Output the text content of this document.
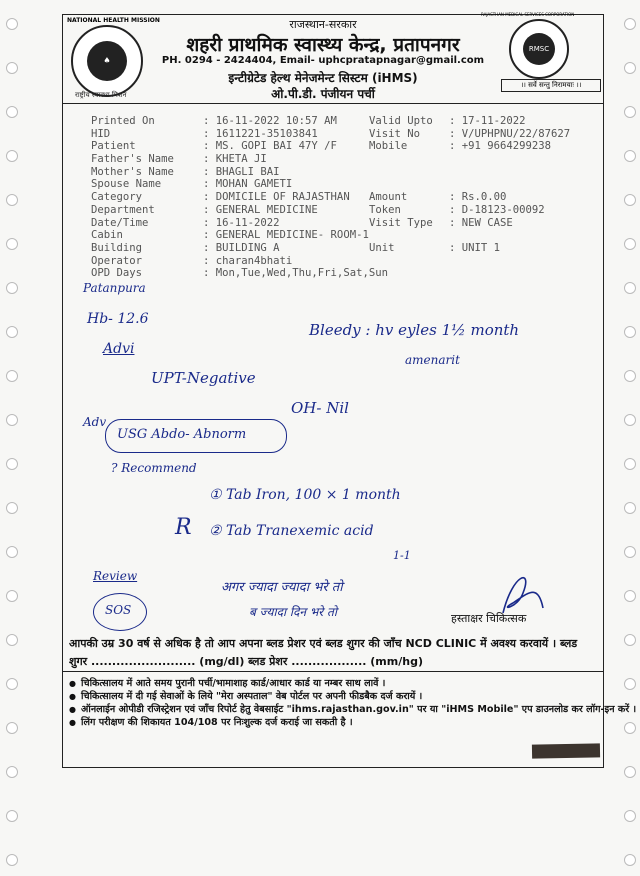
♠
NATIONAL HEALTH MISSION
राष्ट्रीय स्वास्थ्य मिशन
राजस्थान-सरकार
शहरी प्राथमिक स्वास्थ्य केन्द्र, प्रतापनगर
PH. 0294 - 2424404, Email- uphcpratapnagar@gmail.com
इन्टीग्रेटेड हेल्थ मेनेजमेन्ट सिस्टम (iHMS)
ओ.पी.डी. पंजीयन पर्ची
RMSC
RAJASTHAN MEDICAL SERVICES CORPORATION
।। सर्वे सन्तु निरामयाः ।।
Printed On	: 16-11-2022 10:57 AM	Valid Upto : 17-11-2022
HID	: 1611221-35103841	Visit No	: V/UPHPNU/22/87627
Patient	: MS. GOPI BAI 47Y /F	Mobile	: +91 9664299238
Father's Name	: KHETA JI
Mother's Name	: BHAGLI BAI
Spouse Name	: MOHAN GAMETI
Category	: DOMICILE OF RAJASTHAN Amount	: Rs.0.00
Department	: GENERAL MEDICINE	Token	: D-18123-00092
Date/Time	: 16-11-2022	Visit Type : NEW CASE
Cabin	: GENERAL MEDICINE- ROOM-1
Building	: BUILDING A	Unit	: UNIT 1
Operator	: charan4bhati
OPD Days	: Mon,Tue,Wed,Thu,Fri,Sat,Sun
Patanpura
Hb- 12.6
Advi
Bleedy : hv eyles 1½ month
amenarit
UPT-Negative
OH- Nil
Adv
USG Abdo- Abnorm
? Recommend
① Tab Iron, 100 × 1 month
R ② Tab Tranexemic acid
1-1
Review
SOS
अगर ज्यादा ज्यादा भरे तो
ब ज्यादा दिन भरे तो	हस्ताक्षर चिकित्सक
आपकी उम्र 30 वर्ष से अधिक है तो आप अपना ब्लड प्रेशर एवं ब्लड शुगर की जाँच NCD CLINIC में अवश्य करवायें । ब्लड शुगर ......................... (mg/dl) ब्लड प्रेशर .................. (mm/hg)
● चिकित्सालय में आते समय पुरानी पर्ची/भामाशाह कार्ड/आधार कार्ड या नम्बर साथ लावें ।
● चिकित्सालय में दी गई सेवाओं के लिये "मेरा अस्पताल" वेब पोर्टल पर अपनी फीडबैक दर्ज करायें ।
● ऑनलाईन ओपीडी रजिस्ट्रेशन एवं जाँच रिपोर्ट हेतु वेबसाईट "ihms.rajasthan.gov.in" पर या "iHMS Mobile" एप डाउनलोड कर लॉग-इन करें ।
● लिंग परीक्षण की शिकायत 104/108 पर निःशुल्क दर्ज कराई जा सकती है ।
